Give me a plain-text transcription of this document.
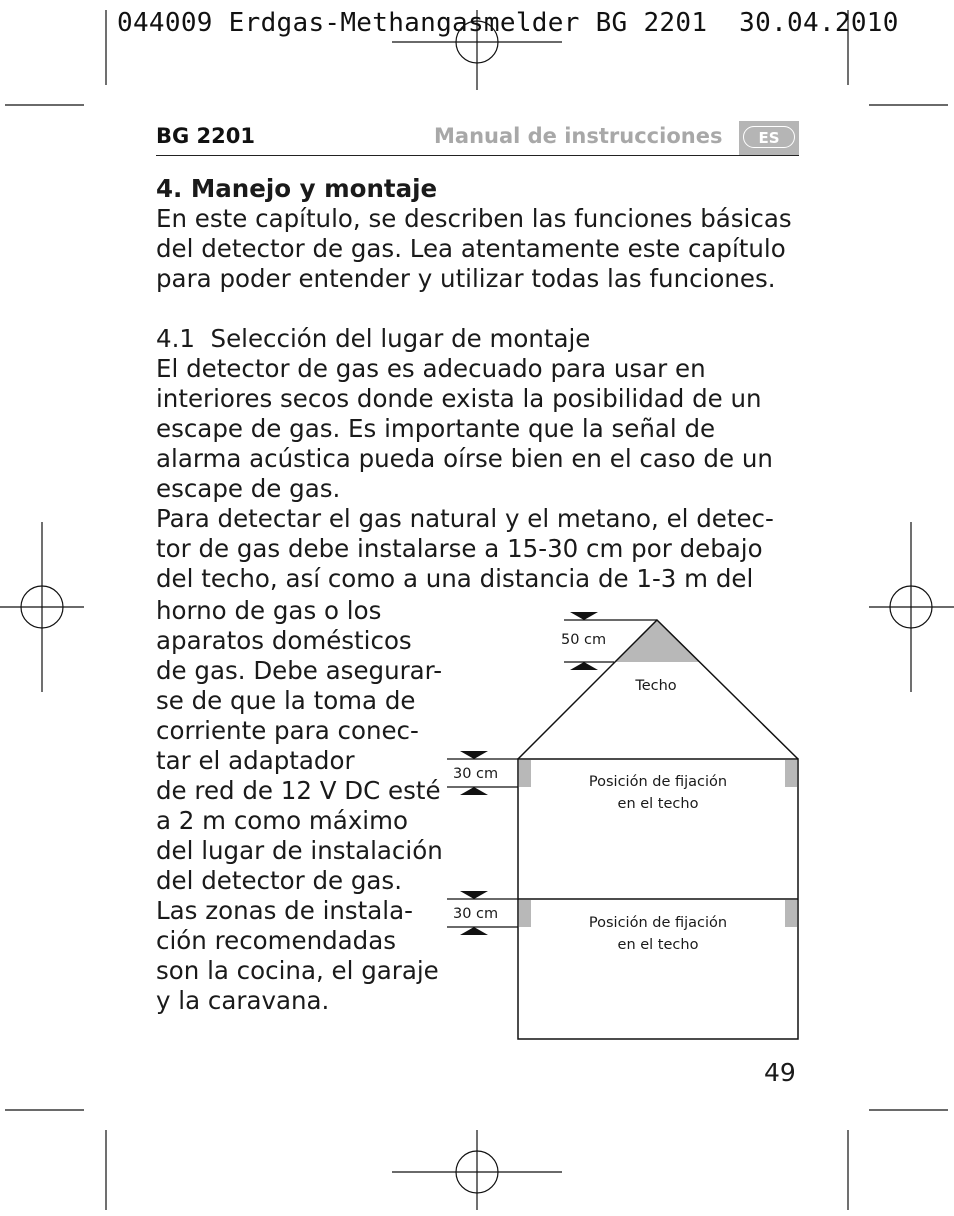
044009 Erdgas-Methangasmelder BG 2201  30.04.2010
BG 2201	Manual de instrucciones	ES
4. Manejo y montaje
En este capítulo, se describen las funciones básicas
del detector de gas. Lea atentamente este capítulo
para poder entender y utilizar todas las funciones.
4.1  Selección del lugar de montaje
El detector de gas es adecuado para usar en
interiores secos donde exista la posibilidad de un
escape de gas. Es importante que la señal de
alarma acústica pueda oírse bien en el caso de un
escape de gas.
Para detectar el gas natural y el metano, el detec-
tor de gas debe instalarse a 15-30 cm por debajo
del techo, así como a una distancia de 1-3 m del
horno de gas o los
aparatos domésticos
de gas. Debe asegurar-
se de que la toma de
corriente para conec-
tar el adaptador
de red de 12 V DC esté
a 2 m como máximo
del lugar de instalación
del detector de gas.
Las zonas de instala-
ción recomendadas
son la cocina, el garaje
y la caravana.
50 cm
Techo
30 cm	Posición de fijación
en el techo
30 cm
Posición de fijación
en el techo
49
